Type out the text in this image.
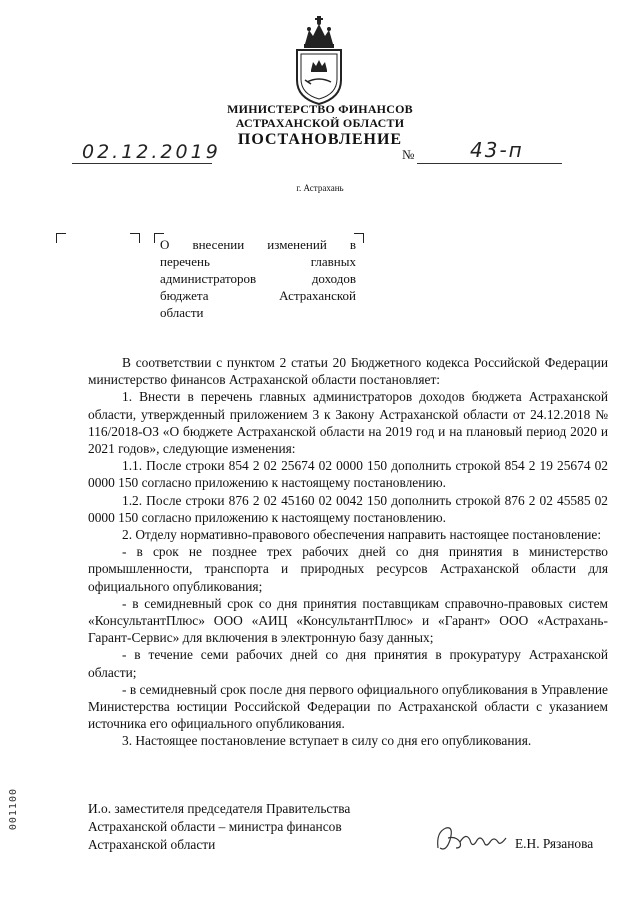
МИНИСТЕРСТВО ФИНАНСОВ
АСТРАХАНСКОЙ ОБЛАСТИ
ПОСТАНОВЛЕНИЕ
02.12.2019	№	43-п
г. Астрахань
О внесении изменений в
перечень главных
администраторов доходов
бюджета Астраханской
области

В соответствии с пунктом 2 статьи 20 Бюджетного кодекса Российской Федерации министерство финансов Астраханской области постановляет:

1. Внести в перечень главных администраторов доходов бюджета Астраханской области, утвержденный приложением 3 к Закону Астраханской области от 24.12.2018 № 116/2018-ОЗ «О бюджете Астраханской области на 2019 год и на плановый период 2020 и 2021 годов», следующие изменения:

1.1. После строки 854 2 02 25674 02 0000 150 дополнить строкой 854 2 19 25674 02 0000 150 согласно приложению к настоящему постановлению.

1.2. После строки 876 2 02 45160 02 0042 150 дополнить строкой 876 2 02 45585 02 0000 150 согласно приложению к настоящему постановлению.

2. Отделу нормативно-правового обеспечения направить настоящее постановление:

- в срок не позднее трех рабочих дней со дня принятия в министерство промышленности, транспорта и природных ресурсов Астраханской области для официального опубликования;

- в семидневный срок со дня принятия поставщикам справочно-правовых систем «КонсультантПлюс» ООО «АИЦ «КонсультантПлюс» и «Гарант» ООО «Астрахань-Гарант-Сервис» для включения в электронную базу данных;

- в течение семи рабочих дней со дня принятия в прокуратуру Астраханской области;

- в семидневный срок после дня первого официального опубликования в Управление Министерства юстиции Российской Федерации по Астраханской области с указанием источника его официального опубликования.

3. Настоящее постановление вступает в силу со дня его опубликования.

И.о. заместителя председателя Правительства
Астраханской области – министра финансов
Астраханской области	Е.Н. Рязанова
001100
